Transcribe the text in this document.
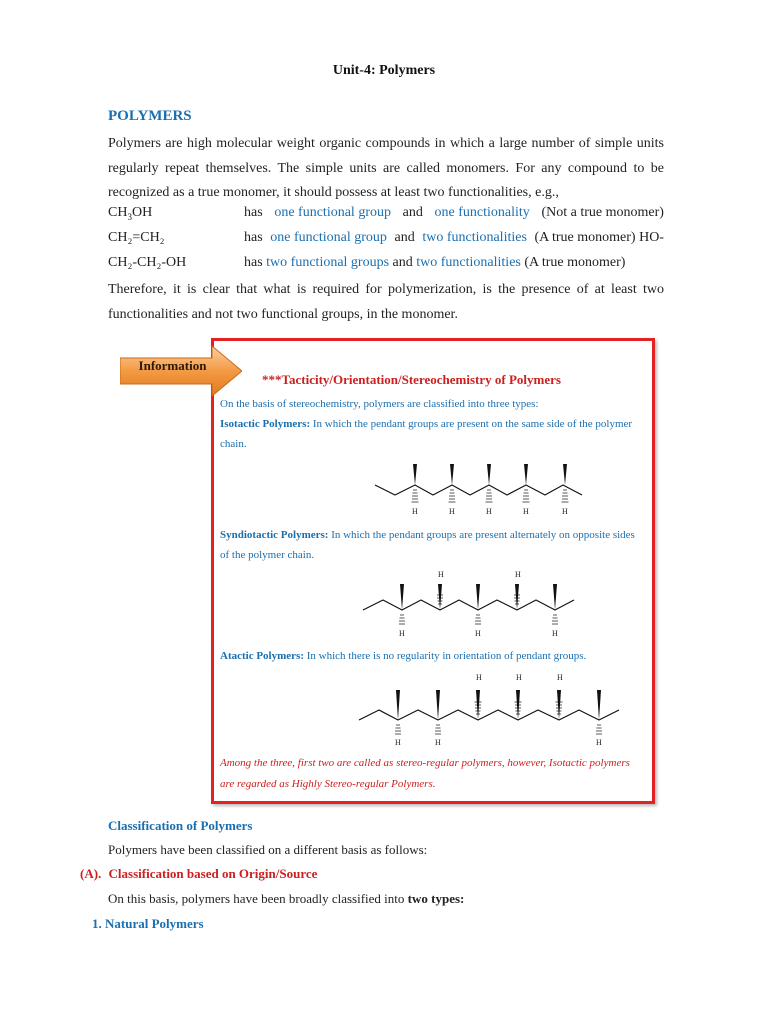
Unit-4: Polymers
POLYMERS
Polymers are high molecular weight organic compounds in which a large number of simple units regularly repeat themselves. The simple units are called monomers. For any compound to be recognized as a true monomer, it should possess at least two functionalities, e.g.,
$CH_3OH$	has one functional group and one functionality (Not a true monomer)
CH₂=CH₂	has one functional group and two functionalities (A true monomer) HO-
CH₂-CH₂-OH	has two functional groups and two functionalities (A true monomer)
Therefore, it is clear that what is required for polymerization, is the presence of at least two functionalities and not two functional groups, in the monomer.
Information
***Tacticity/Orientation/Stereochemistry of Polymers
On the basis of stereochemistry, polymers are classified into three types:
Isotactic Polymers: In which the pendant groups are present on the same side of the polymer chain.
H	H	H	H	H
Syndiotactic Polymers: In which the pendant groups are present alternately on opposite sides of the polymer chain.
H	H
H	H	H
Atactic Polymers: In which there is no regularity in orientation of pendant groups.
H	H	H
H	H	H
Among the three, first two are called as stereo-regular polymers, however, Isotactic polymers are regarded as Highly Stereo-regular Polymers.
Classification of Polymers
Polymers have been classified on a different basis as follows:
(A). Classification based on Origin/Source
On this basis, polymers have been broadly classified into two types:
1. Natural Polymers
